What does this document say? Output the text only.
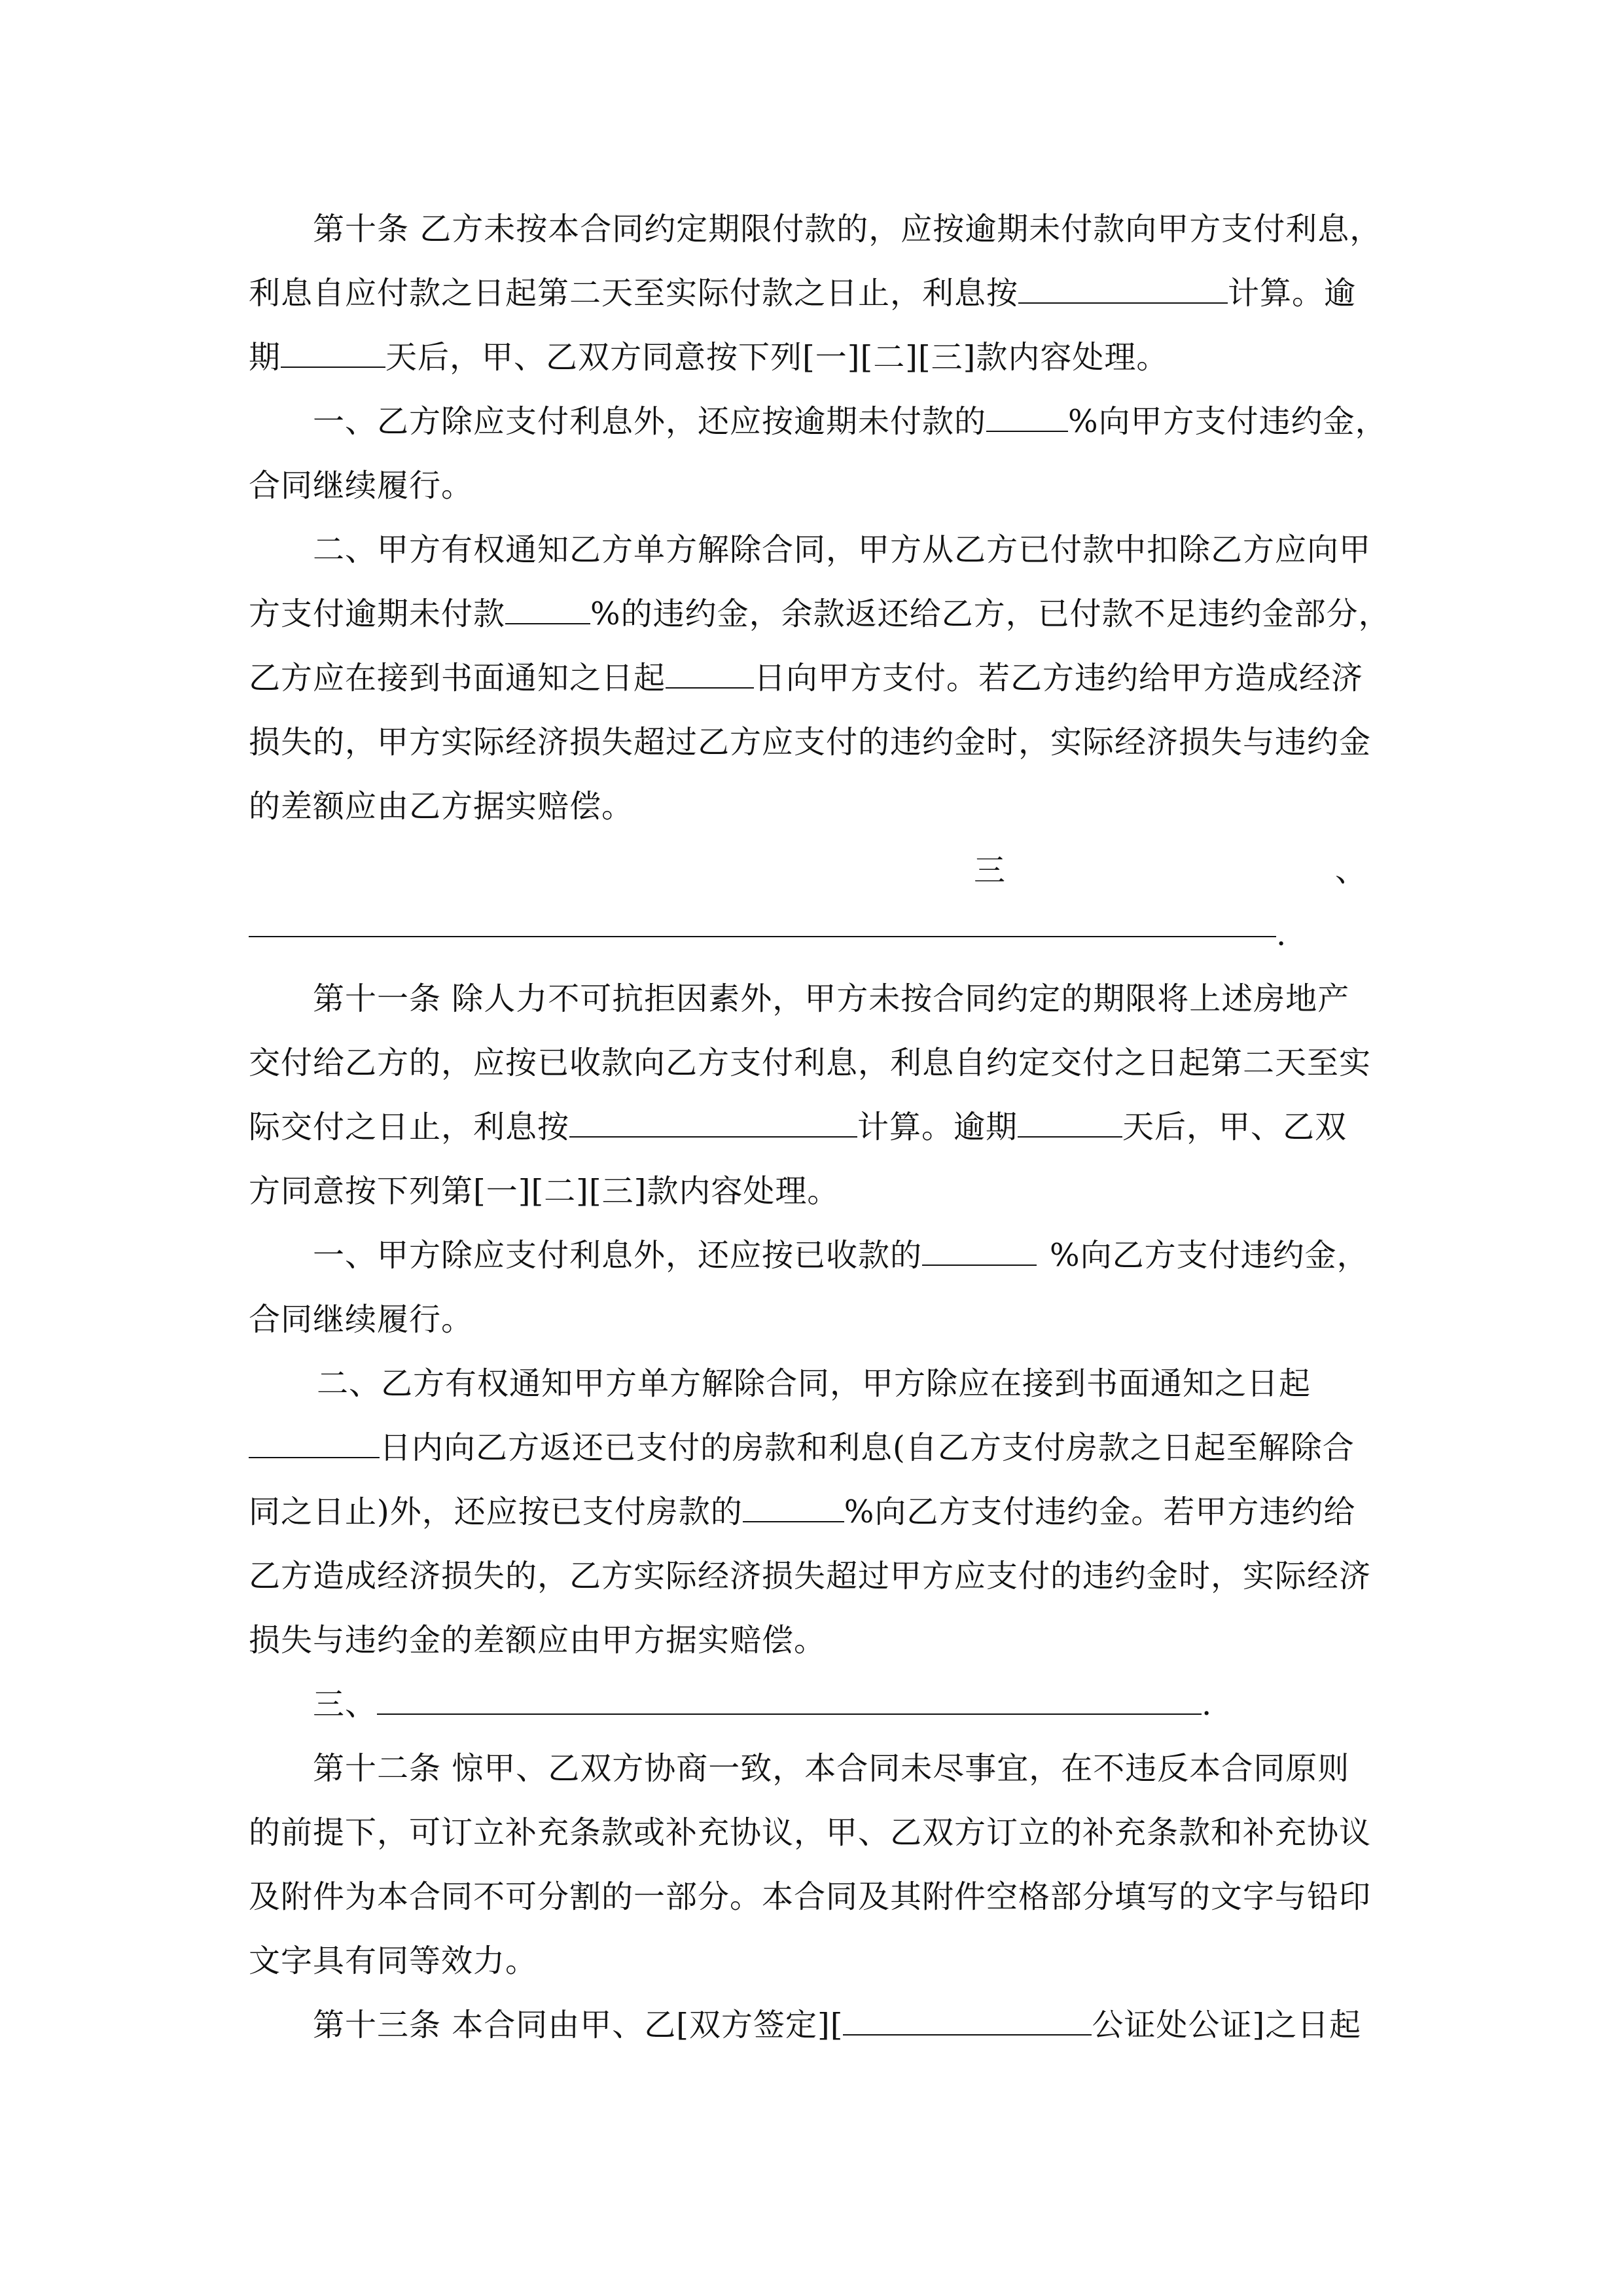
第十条 乙方未按本合同约定期限付款的，应按逾期未付款向甲方支付利息，
利息自应付款之日起第二天至实际付款之日止，利息按	计算。逾
期	天后，甲、乙双方同意按下列[一][二][三]款内容处理。
一、乙方除应支付利息外，还应按逾期未付款的	%向甲方支付违约金，
合同继续履行。
二、甲方有权通知乙方单方解除合同，甲方从乙方已付款中扣除乙方应向甲
方支付逾期未付款	%的违约金，余款返还给乙方，已付款不足违约金部分，
乙方应在接到书面通知之日起	日向甲方支付。若乙方违约给甲方造成经济
损失的，甲方实际经济损失超过乙方应支付的违约金时，实际经济损失与违约金
的差额应由乙方据实赔偿。
三	、
.
第十一条 除人力不可抗拒因素外，甲方未按合同约定的期限将上述房地产
交付给乙方的，应按已收款向乙方支付利息，利息自约定交付之日起第二天至实
际交付之日止，利息按	计算。逾期	天后，甲、乙双
方同意按下列第[一][二][三]款内容处理。
一、甲方除应支付利息外，还应按已收款的	%向乙方支付违约金，
合同继续履行。
二、乙方有权通知甲方单方解除合同，甲方除应在接到书面通知之日起
日内向乙方返还已支付的房款和利息(自乙方支付房款之日起至解除合
同之日止)外，还应按已支付房款的	%向乙方支付违约金。若甲方违约给
乙方造成经济损失的，乙方实际经济损失超过甲方应支付的违约金时，实际经济
损失与违约金的差额应由甲方据实赔偿。
三、	.
第十二条 惊甲、乙双方协商一致，本合同未尽事宜，在不违反本合同原则
的前提下，可订立补充条款或补充协议，甲、乙双方订立的补充条款和补充协议
及附件为本合同不可分割的一部分。本合同及其附件空格部分填写的文字与铅印
文字具有同等效力。
第十三条 本合同由甲、乙[双方签定][	公证处公证]之日起
